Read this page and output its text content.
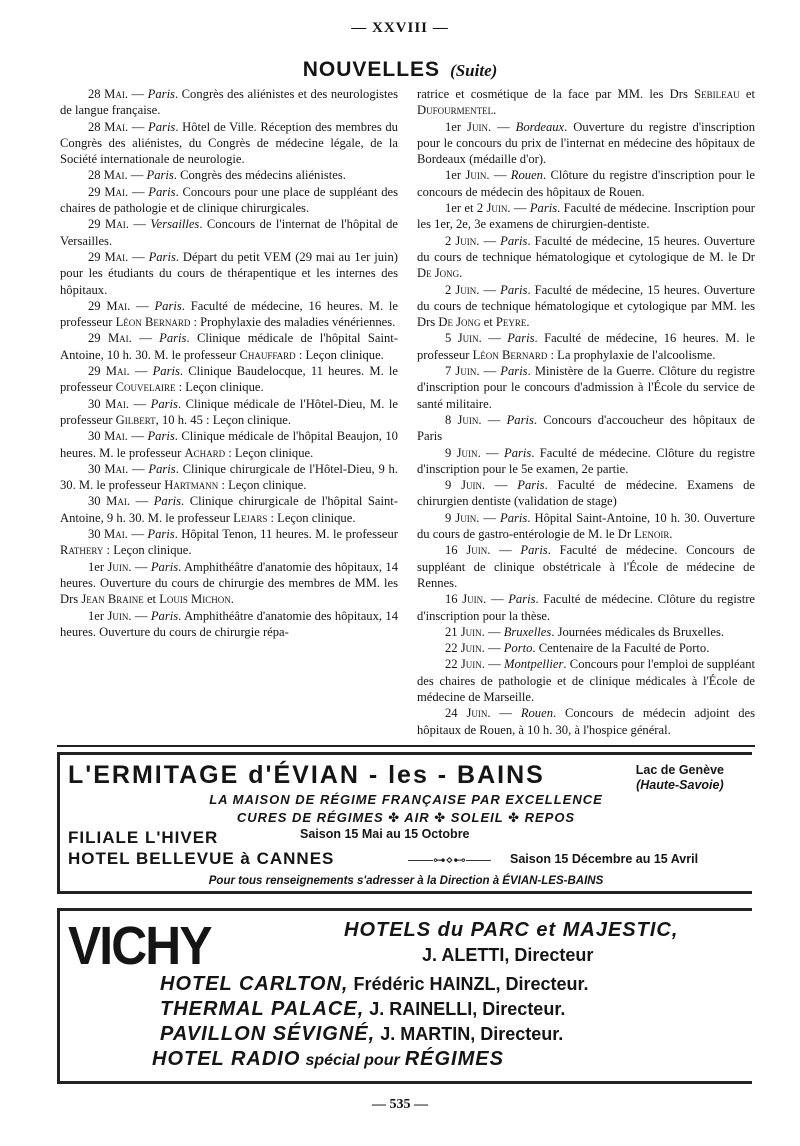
— XXVIII —
NOUVELLES (Suite)

28 Mai. — Paris. Congrès des aliénistes et des neurologistes de langue française.

28 Mai. — Paris. Hôtel de Ville. Réception des membres du Congrès des aliénistes, du Congrès de médecine légale, de la Société internationale de neurologie.

28 Mai. — Paris. Congrès des médecins aliénistes.

29 Mai. — Paris. Concours pour une place de suppléant des chaires de pathologie et de clinique chirurgicales.

29 Mai. — Versailles. Concours de l'internat de l'hôpital de Versailles.

29 Mai. — Paris. Départ du petit VEM (29 mai au 1er juin) pour les étudiants du cours de thérapentique et les internes des hôpitaux.

29 Mai. — Paris. Faculté de médecine, 16 heures. M. le professeur Léon Bernard : Prophylaxie des maladies vénériennes.

29 Mai. — Paris. Clinique médicale de l'hôpital Saint-Antoine, 10 h. 30. M. le professeur Chauffard : Leçon clinique.

29 Mai. — Paris. Clinique Baudelocque, 11 heures. M. le professeur Couvelaire : Leçon clinique.

30 Mai. — Paris. Clinique médicale de l'Hôtel-Dieu, M. le professeur Gilbert, 10 h. 45 : Leçon clinique.

30 Mai. — Paris. Clinique médicale de l'hôpital Beaujon, 10 heures. M. le professeur Achard : Leçon clinique.

30 Mai. — Paris. Clinique chirurgicale de l'Hôtel-Dieu, 9 h. 30. M. le professeur Hartmann : Leçon clinique.

30 Mai. — Paris. Clinique chirurgicale de l'hôpital Saint-Antoine, 9 h. 30. M. le professeur Lejars : Leçon clinique.

30 Mai. — Paris. Hôpital Tenon, 11 heures. M. le professeur Rathery : Leçon clinique.

1er Juin. — Paris. Amphithéâtre d'anatomie des hôpitaux, 14 heures. Ouverture du cours de chirurgie des membres de MM. les Drs Jean Braine et Louis Michon.

1er Juin. — Paris. Amphithéâtre d'anatomie des hôpitaux, 14 heures. Ouverture du cours de chirurgie répa-

ratrice et cosmétique de la face par MM. les Drs Sebileau et Dufourmentel.

1er Juin. — Bordeaux. Ouverture du registre d'inscription pour le concours du prix de l'internat en médecine des hôpitaux de Bordeaux (médaille d'or).

1er Juin. — Rouen. Clôture du registre d'inscription pour le concours de médecin des hôpitaux de Rouen.

1er et 2 Juin. — Paris. Faculté de médecine. Inscription pour les 1er, 2e, 3e examens de chirurgien-dentiste.

2 Juin. — Paris. Faculté de médecine, 15 heures. Ouverture du cours de technique hématologique et cytologique de M. le Dr De Jong.

2 Juin. — Paris. Faculté de médecine, 15 heures. Ouverture du cours de technique hématologique et cytologique par MM. les Drs De Jong et Peyre.

5 Juin. — Paris. Faculté de médecine, 16 heures. M. le professeur Léon Bernard : La prophylaxie de l'alcoolisme.

7 Juin. — Paris. Ministère de la Guerre. Clôture du registre d'inscription pour le concours d'admission à l'École du service de santé militaire.

8 Juin. — Paris. Concours d'accoucheur des hôpitaux de Paris

9 Juin. — Paris. Faculté de médecine. Clôture du registre d'inscription pour le 5e examen, 2e partie.

9 Juin. — Paris. Faculté de médecine. Examens de chirurgien dentiste (validation de stage)

9 Juin. — Paris. Hôpital Saint-Antoine, 10 h. 30. Ouverture du cours de gastro-entérologie de M. le Dr Lenoir.

16 Juin. — Paris. Faculté de médecine. Concours de suppléant de clinique obstétricale à l'École de médecine de Rennes.

16 Juin. — Paris. Faculté de médecine. Clôture du registre d'inscription pour la thèse.

21 Juin. — Bruxelles. Journées médicales ds Bruxelles.

22 Juin. — Porto. Centenaire de la Faculté de Porto.

22 Juin. — Montpellier. Concours pour l'emploi de suppléant des chaires de pathologie et de clinique médicales à l'École de médecine de Marseille.

24 Juin. — Rouen. Concours de médecin adjoint des hôpitaux de Rouen, à 10 h. 30, à l'hospice général.

L'ERMITAGE d'ÉVIAN - les - BAINS	Lac de Genève
(Haute-Savoie)
LA MAISON DE RÉGIME FRANÇAISE PAR EXCELLENCE
CURES DE RÉGIMES ✤ AIR ✤ SOLEIL ✤ REPOS
FILIALE L'HIVER	Saison 15 Mai au 15 Octobre
HOTEL BELLEVUE à CANNES	——⊶⋄⊷—— Saison 15 Décembre au 15 Avril
Pour tous renseignements s'adresser à la Direction à ÉVIAN-LES-BAINS
VICHY	HOTELS du PARC et MAJESTIC,
J. ALETTI, Directeur
HOTEL CARLTON, Frédéric HAINZL, Directeur.
THERMAL PALACE, J. RAINELLI, Directeur.
PAVILLON SÉVIGNÉ, J. MARTIN, Directeur.
HOTEL RADIO spécial pour RÉGIMES
— 535 —
